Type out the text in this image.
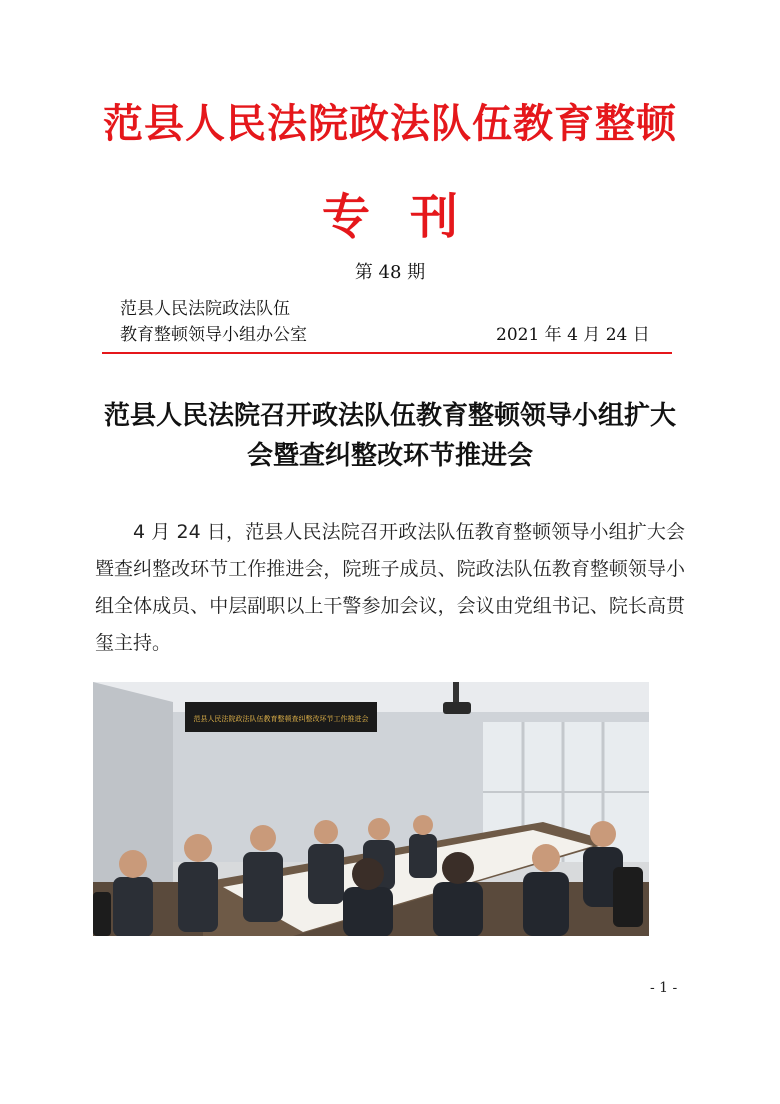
范县人民法院政法队伍教育整顿
专刊
第 48 期
范县人民法院政法队伍
教育整顿领导小组办公室	2021 年 4 月 24 日
范县人民法院召开政法队伍教育整顿领导小组扩大
会暨查纠整改环节推进会

4 月 24 日，范县人民法院召开政法队伍教育整顿领导小组扩大会暨查纠整改环节工作推进会，院班子成员、院政法队伍教育整顿领导小组全体成员、中层副职以上干警参加会议，会议由党组书记、院长高贯玺主持。

范县人民法院政法队伍教育整顿查纠整改环节工作推进会
- 1 -
